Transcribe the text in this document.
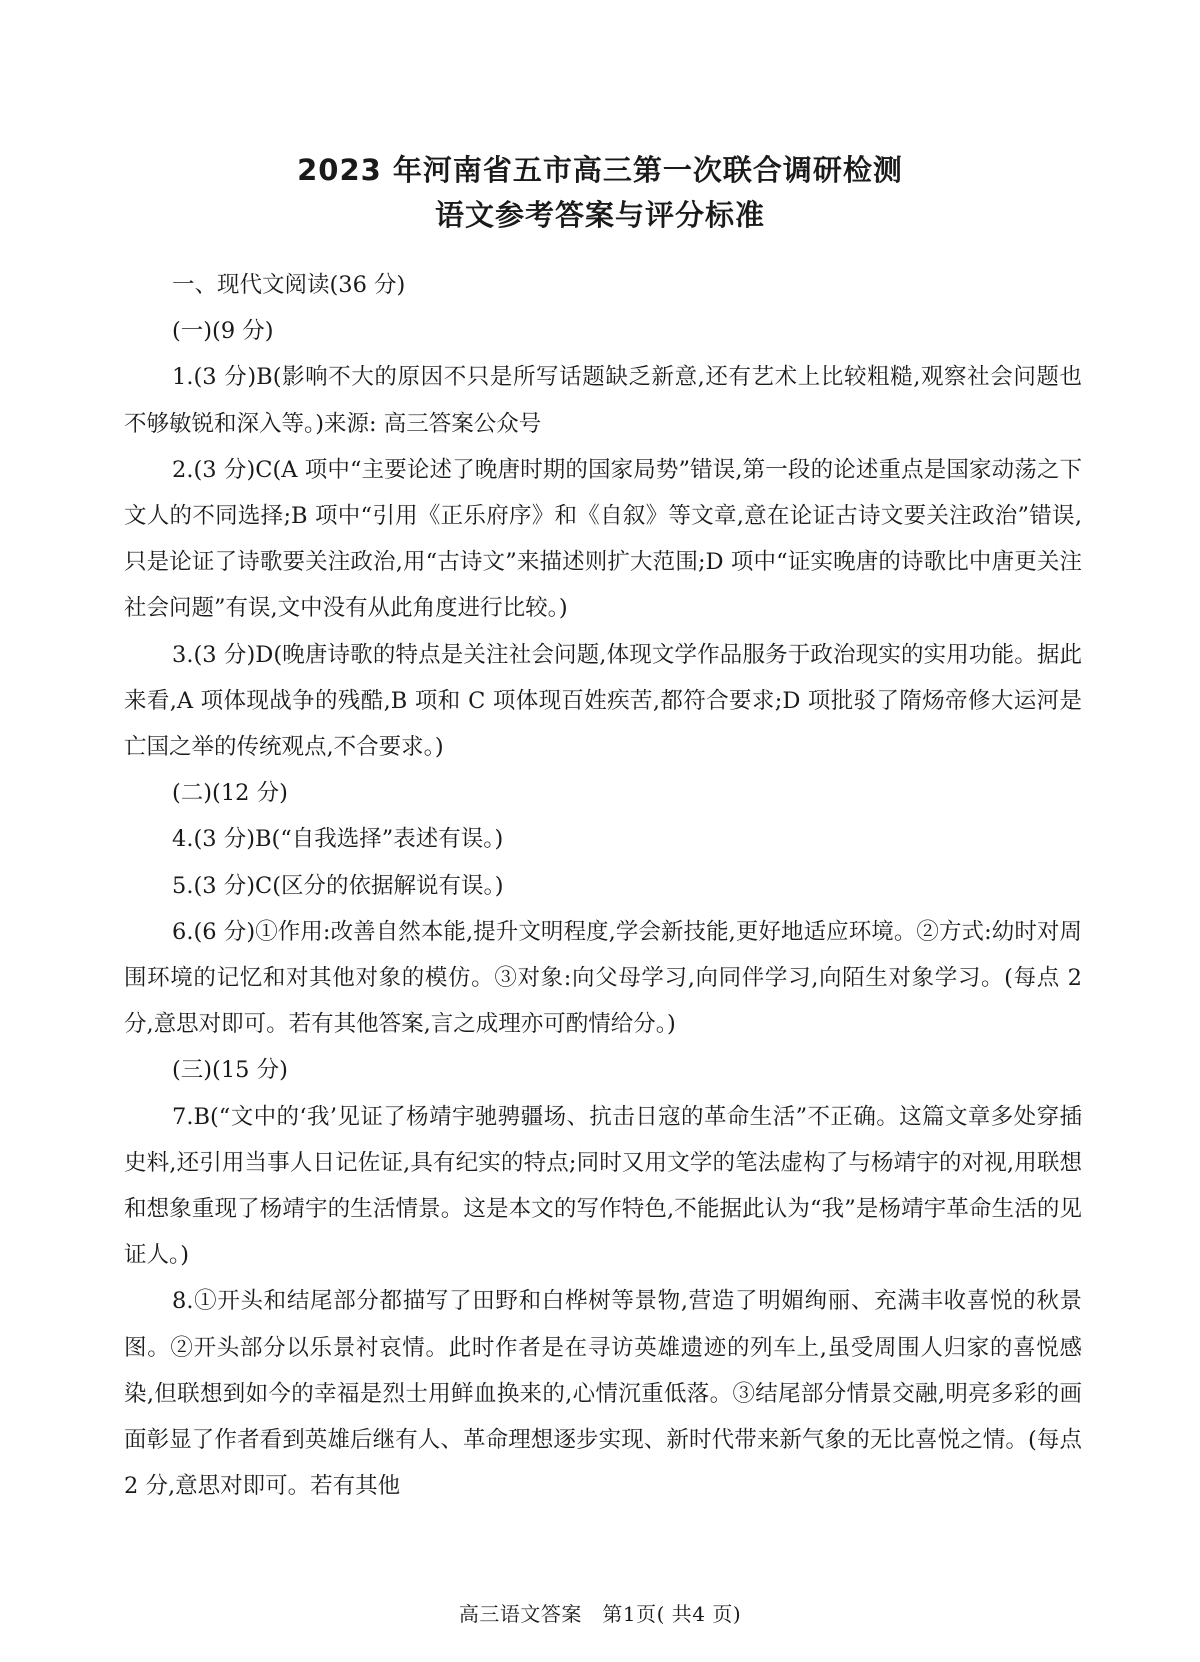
2023 年河南省五市高三第一次联合调研检测
语文参考答案与评分标准

一、现代文阅读(36 分)

(一)(9 分)

1.(3 分)B(影响不大的原因不只是所写话题缺乏新意,还有艺术上比较粗糙,观察社会问题也不够敏锐和深入等。)来源: 高三答案公众号

2.(3 分)C(A 项中“主要论述了晚唐时期的国家局势”错误,第一段的论述重点是国家动荡之下文人的不同选择;B 项中“引用《正乐府序》和《自叙》等文章,意在论证古诗文要关注政治”错误,只是论证了诗歌要关注政治,用“古诗文”来描述则扩大范围;D 项中“证实晚唐的诗歌比中唐更关注社会问题”有误,文中没有从此角度进行比较。)

3.(3 分)D(晚唐诗歌的特点是关注社会问题,体现文学作品服务于政治现实的实用功能。据此来看,A 项体现战争的残酷,B 项和 C 项体现百姓疾苦,都符合要求;D 项批驳了隋炀帝修大运河是亡国之举的传统观点,不合要求。)

(二)(12 分)

4.(3 分)B(“自我选择”表述有误。)

5.(3 分)C(区分的依据解说有误。)

6.(6 分)①作用:改善自然本能,提升文明程度,学会新技能,更好地适应环境。②方式:幼时对周围环境的记忆和对其他对象的模仿。③对象:向父母学习,向同伴学习,向陌生对象学习。(每点 2 分,意思对即可。若有其他答案,言之成理亦可酌情给分。)

(三)(15 分)

7.B(“文中的‘我’见证了杨靖宇驰骋疆场、抗击日寇的革命生活”不正确。这篇文章多处穿插史料,还引用当事人日记佐证,具有纪实的特点;同时又用文学的笔法虚构了与杨靖宇的对视,用联想和想象重现了杨靖宇的生活情景。这是本文的写作特色,不能据此认为“我”是杨靖宇革命生活的见证人。)

8.①开头和结尾部分都描写了田野和白桦树等景物,营造了明媚绚丽、充满丰收喜悦的秋景图。②开头部分以乐景衬哀情。此时作者是在寻访英雄遗迹的列车上,虽受周围人归家的喜悦感染,但联想到如今的幸福是烈士用鲜血换来的,心情沉重低落。③结尾部分情景交融,明亮多彩的画面彰显了作者看到英雄后继有人、革命理想逐步实现、新时代带来新气象的无比喜悦之情。(每点 2 分,意思对即可。若有其他

高三语文答案　第1页( 共4 页)
